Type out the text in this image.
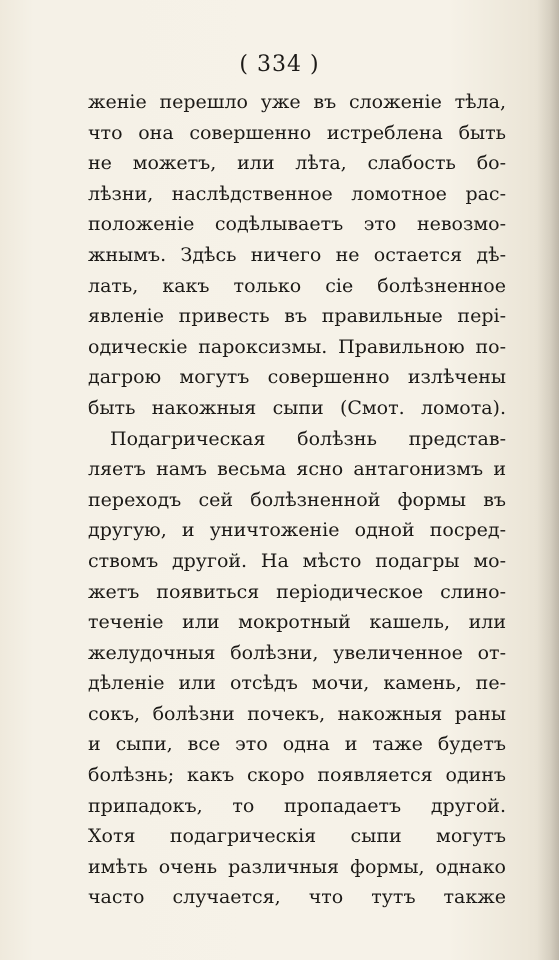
( 334 )
женіе перешло уже въ сложеніе тѣла,
что она совершенно истреблена быть
не можетъ, или лѣта, слабость бо-
лѣзни, наслѣдственное ломотное рас-
положеніе содѣлываетъ это невозмо-
жнымъ. Здѣсь ничего не остается дѣ-
лать, какъ только сіе болѣзненное
явленіе привесть въ правильные пері-
одическіе пароксизмы. Правильною по-
дагрою могутъ совершенно излѣчены
быть накожныя сыпи (Смот. ломота).
Подагрическая болѣзнь представ-
ляетъ намъ весьма ясно антагонизмъ и
переходъ сей болѣзненной формы въ
другую, и уничтоженіе одной посред-
ствомъ другой. На мѣсто подагры мо-
жетъ появиться періодическое слино-
теченіе или мокротный кашель, или
желудочныя болѣзни, увеличенное от-
дѣленіе или отсѣдъ мочи, камень, пе-
сокъ, болѣзни почекъ, накожныя раны
и сыпи, все это одна и таже будетъ
болѣзнь; какъ скоро появляется одинъ
припадокъ, то пропадаетъ другой.
Хотя подагрическія сыпи могутъ
имѣть очень различныя формы, однако
часто случается, что тутъ также
